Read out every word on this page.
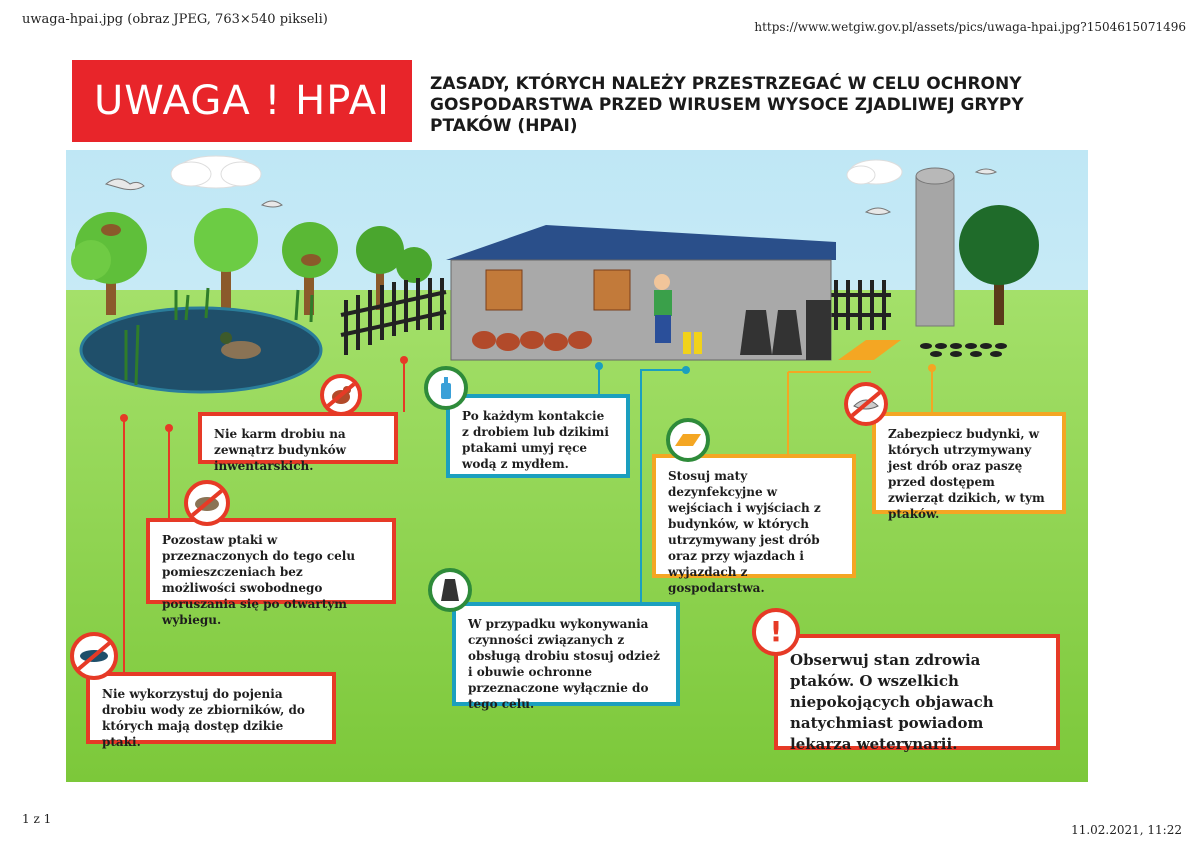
uwaga-hpai.jpg (obraz JPEG, 763×540 pikseli)	https://www.wetgiw.gov.pl/assets/pics/uwaga-hpai.jpg?1504615071496
UWAGA ! HPAI ZASADY, KTÓRYCH NALEŻY PRZESTRZEGAĆ W CELU OCHRONY GOSPODARSTWA PRZED WIRUSEM WYSOCE ZJADLIWEJ GRYPY PTAKÓW (HPAI)
Nie karm drobiu na zewnątrz budynków inwentarskich.
Po każdym kontakcie z drobiem lub dzikimi ptakami umyj ręce wodą z mydłem.
Stosuj maty dezynfekcyjne w wejściach i wyjściach z budynków, w których utrzymywany jest drób oraz przy wjazdach i wyjazdach z gospodarstwa.
Zabezpiecz budynki, w których utrzymywany jest drób oraz paszę przed dostępem zwierząt dzikich, w tym ptaków.
Pozostaw ptaki w przeznaczonych do tego celu pomieszczeniach bez możliwości swobodnego poruszania się po otwartym wybiegu.	W przypadku wykonywania czynności związanych z obsługą drobiu stosuj odzież i obuwie ochronne przeznaczone wyłącznie do tego celu.
Nie wykorzystuj do pojenia drobiu wody ze zbiorników, do których mają dostęp dzikie ptaki.
Obserwuj stan zdrowia ptaków. O wszelkich niepokojących objawach natychmiast powiadom lekarza weterynarii.
!
1 z 1
11.02.2021, 11:22
